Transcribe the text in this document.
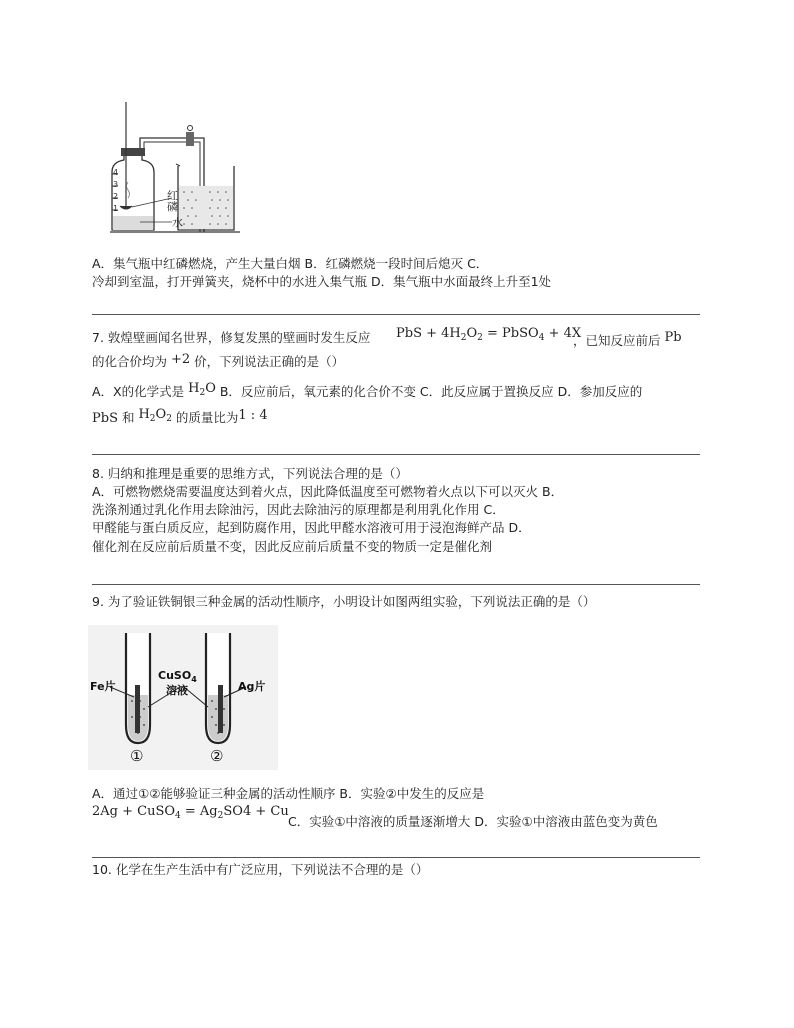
4
3
2
1	红磷
水
A．集气瓶中红磷燃烧，产生大量白烟 B．红磷燃烧一段时间后熄灭 C．
冷却到室温，打开弹簧夹，烧杯中的水进入集气瓶 D．集气瓶中水面最终上升至1处
7. 敦煌壁画闻名世界，修复发黑的壁画时发生反应 PbS + $4H_2O_2$ = PbSO$_4$ + 4X
，已知反应前后 Pb
的化合价均为 +2 价，下列说法正确的是（）
A．X的化学式是 $H_2O$ B．反应前后，氧元素的化合价不变 C．此反应属于置换反应 D．参加反应的
PbS 和 $H_2O_2$ 的质量比为1 : 4
8. 归纳和推理是重要的思维方式，下列说法合理的是（）
A．可燃物燃烧需要温度达到着火点，因此降低温度至可燃物着火点以下可以灭火 B．
洗涤剂通过乳化作用去除油污，因此去除油污的原理都是利用乳化作用 C．
甲醛能与蛋白质反应，起到防腐作用，因此甲醛水溶液可用于浸泡海鲜产品 D．
催化剂在反应前后质量不变，因此反应前后质量不变的物质一定是催化剂
9. 为了验证铁铜银三种金属的活动性顺序，小明设计如图两组实验，下列说法正确的是（）
Fe片
CuSO$_4$
溶液	Ag片
①	②
A．通过①②能够验证三种金属的活动性顺序 B．实验②中发生的反应是
2Ag + CuSO$_4$ = $Ag_2SO4 + Cu$
C．实验①中溶液的质量逐渐增大 D．实验①中溶液由蓝色变为黄色
10. 化学在生产生活中有广泛应用，下列说法不合理的是（）
